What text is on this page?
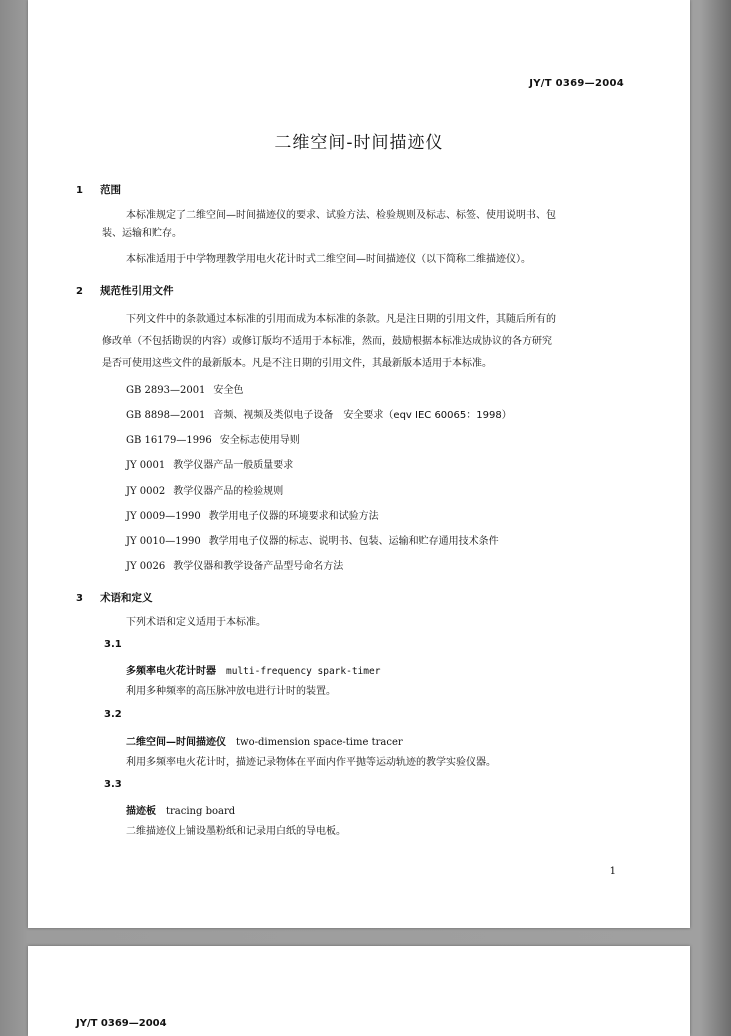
JY/T 0369—2004
二维空间-时间描迹仪
1 范围
本标准规定了二维空间—时间描迹仪的要求、试验方法、检验规则及标志、标签、使用说明书、包
装、运输和贮存。
本标准适用于中学物理教学用电火花计时式二维空间—时间描迹仪（以下简称二维描迹仪）。
2 规范性引用文件
下列文件中的条款通过本标准的引用而成为本标准的条款。凡是注日期的引用文件，其随后所有的
修改单（不包括勘误的内容）或修订版均不适用于本标准，然而，鼓励根据本标准达成协议的各方研究
是否可使用这些文件的最新版本。凡是不注日期的引用文件，其最新版本适用于本标准。
GB 2893—2001 安全色
GB 8898—2001 音频、视频及类似电子设备　安全要求（eqv IEC 60065：1998）
GB 16179—1996 安全标志使用导则
JY 0001 教学仪器产品一般质量要求
JY 0002 教学仪器产品的检验规则
JY 0009—1990 教学用电子仪器的环境要求和试验方法
JY 0010—1990 教学用电子仪器的标志、说明书、包装、运输和贮存通用技术条件
JY 0026 教学仪器和教学设备产品型号命名方法
3 术语和定义
下列术语和定义适用于本标准。
3.1
多频率电火花计时器 multi-frequency spark-timer
利用多种频率的高压脉冲放电进行计时的装置。
3.2
二维空间—时间描迹仪 two-dimension space-time tracer
利用多频率电火花计时，描迹记录物体在平面内作平抛等运动轨迹的教学实验仪器。
3.3
描迹板 tracing board
二维描迹仪上铺设墨粉纸和记录用白纸的导电板。
1
JY/T 0369—2004
